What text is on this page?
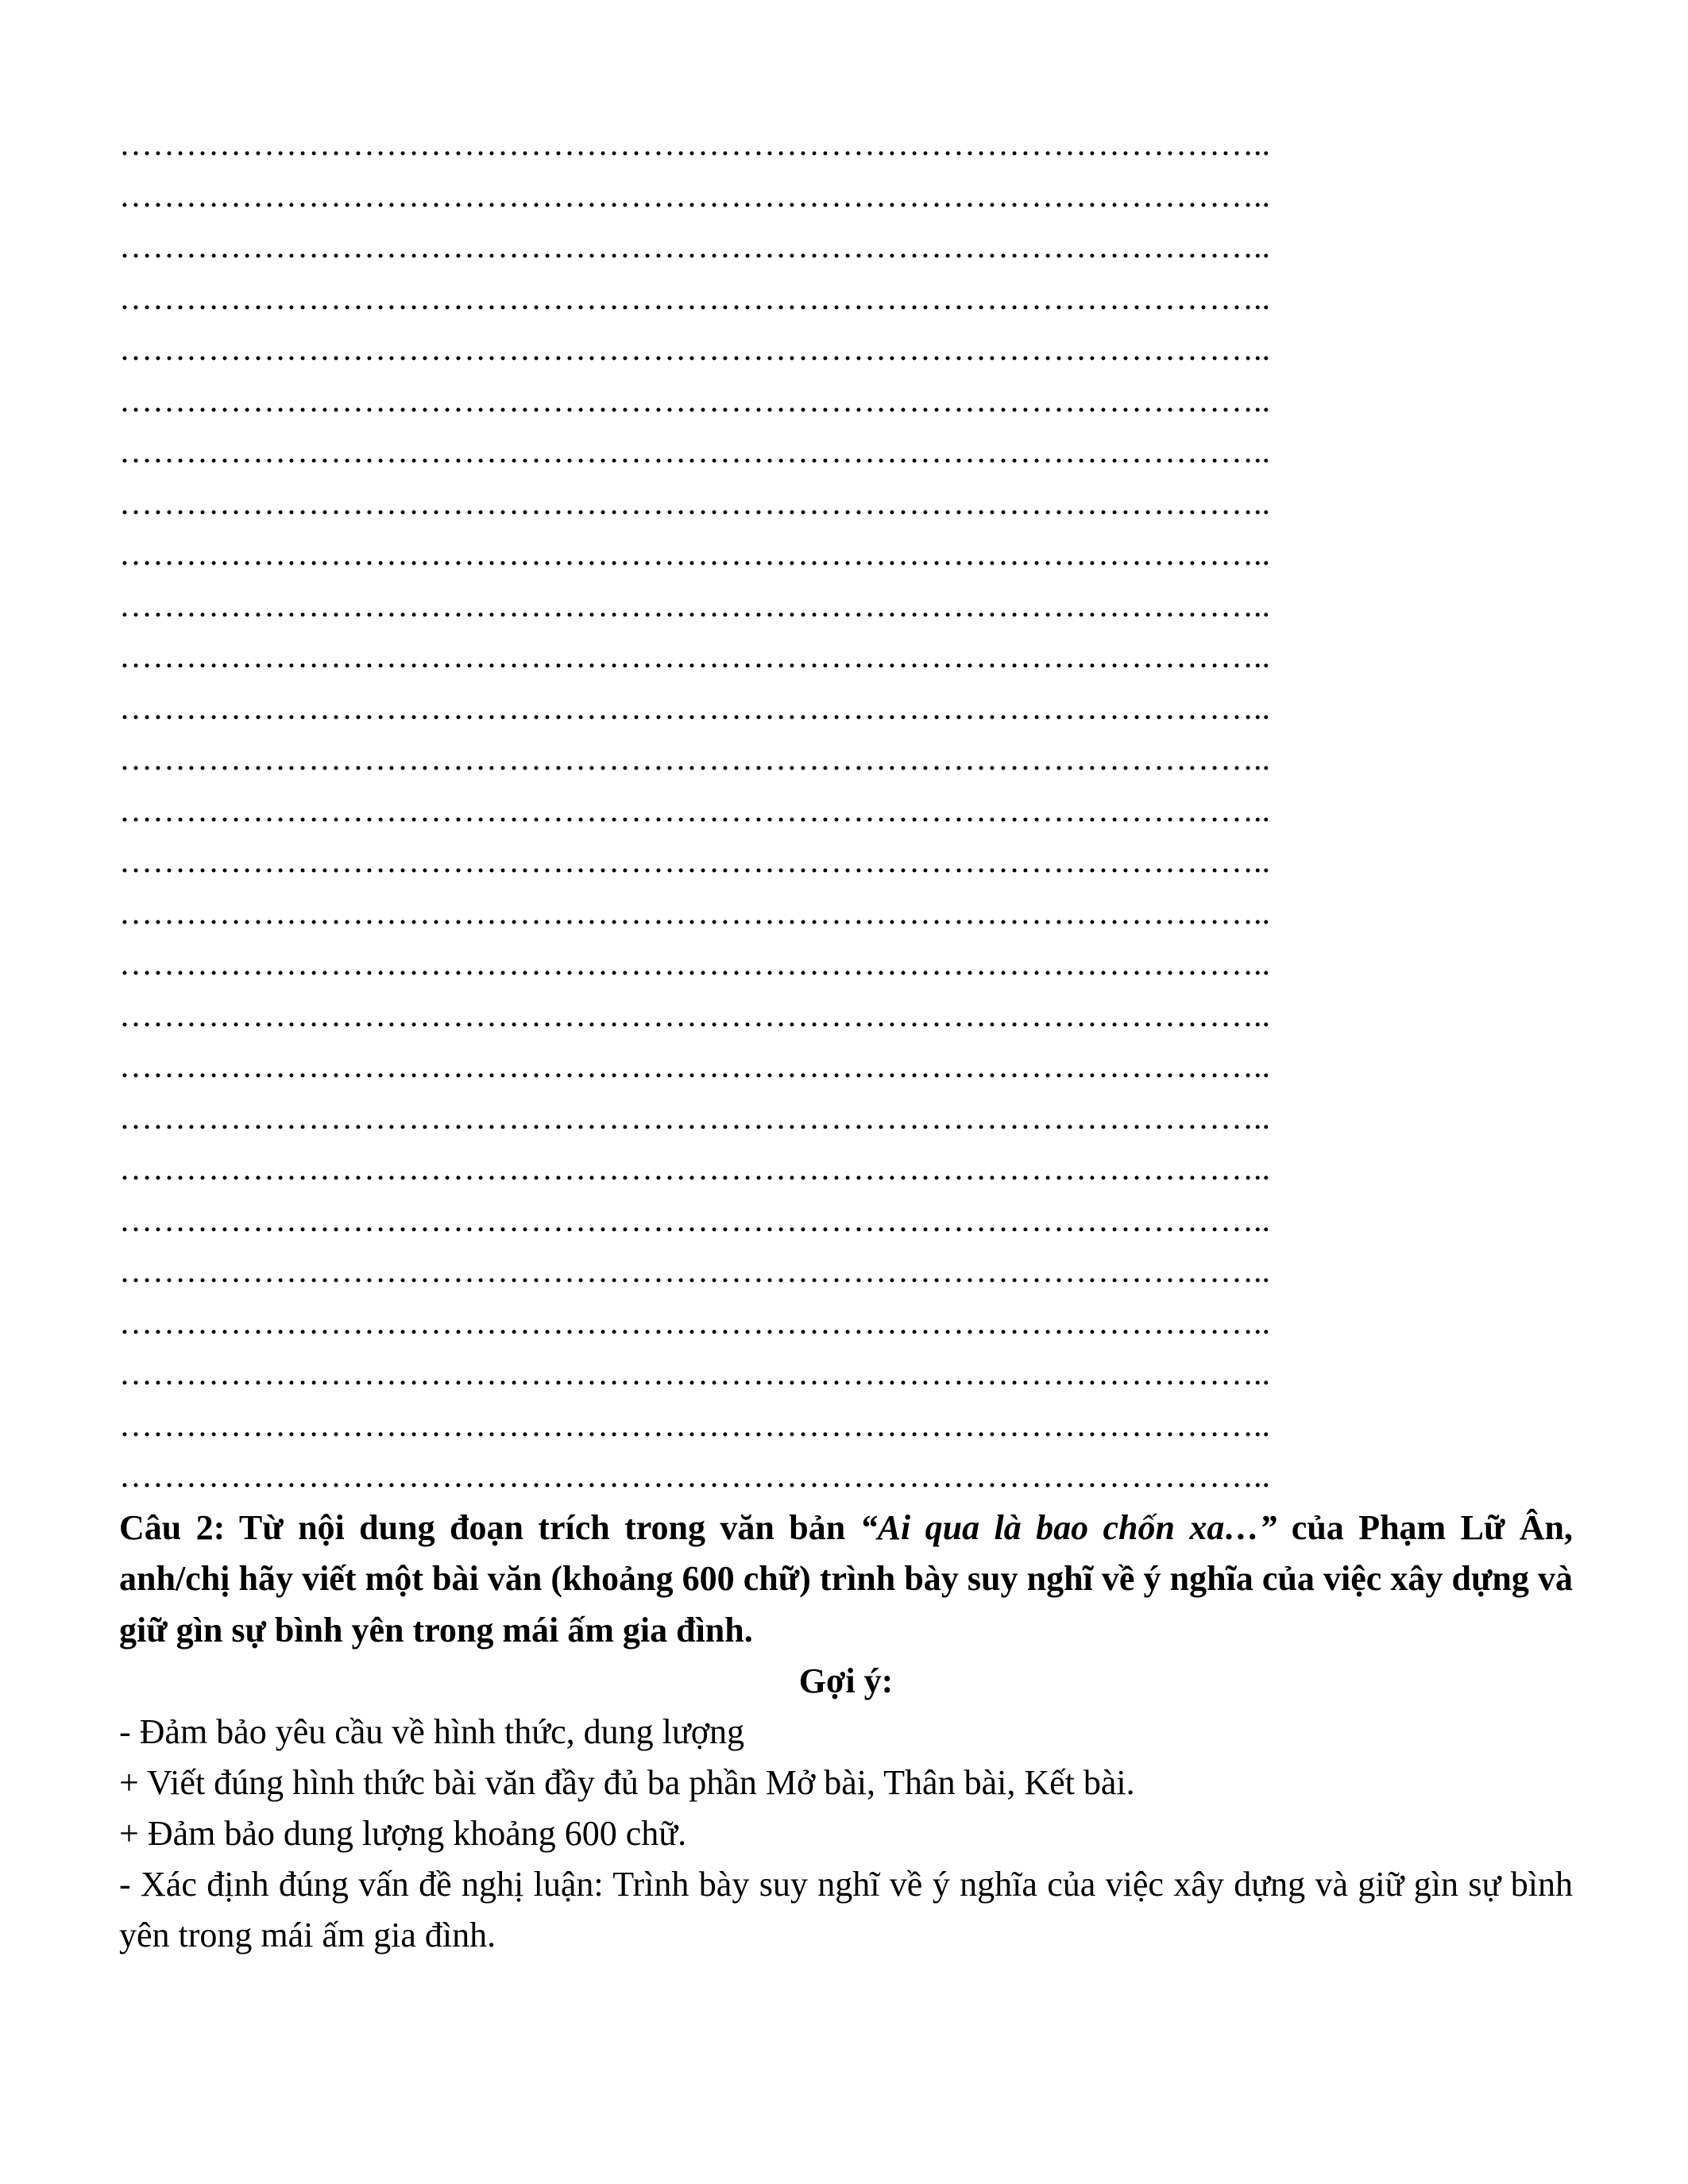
…………………………………………………………………………………………..
…………………………………………………………………………………………..
…………………………………………………………………………………………..
…………………………………………………………………………………………..
…………………………………………………………………………………………..
…………………………………………………………………………………………..
…………………………………………………………………………………………..
…………………………………………………………………………………………..
…………………………………………………………………………………………..
…………………………………………………………………………………………..
…………………………………………………………………………………………..
…………………………………………………………………………………………..
…………………………………………………………………………………………..
…………………………………………………………………………………………..
…………………………………………………………………………………………..
…………………………………………………………………………………………..
…………………………………………………………………………………………..
…………………………………………………………………………………………..
…………………………………………………………………………………………..
…………………………………………………………………………………………..
…………………………………………………………………………………………..
…………………………………………………………………………………………..
…………………………………………………………………………………………..
…………………………………………………………………………………………..
…………………………………………………………………………………………..
…………………………………………………………………………………………..
…………………………………………………………………………………………..

Câu 2: Từ nội dung đoạn trích trong văn bản “Ai qua là bao chốn xa…” của Phạm Lữ Ân, anh/chị hãy viết một bài văn (khoảng 600 chữ) trình bày suy nghĩ về ý nghĩa của việc xây dựng và giữ gìn sự bình yên trong mái ấm gia đình.

Gợi ý:

- Đảm bảo yêu cầu về hình thức, dung lượng
+ Viết đúng hình thức bài văn đầy đủ ba phần Mở bài, Thân bài, Kết bài.
+ Đảm bảo dung lượng khoảng 600 chữ.
- Xác định đúng vấn đề nghị luận: Trình bày suy nghĩ về ý nghĩa của việc xây dựng và giữ gìn sự bình yên trong mái ấm gia đình.
